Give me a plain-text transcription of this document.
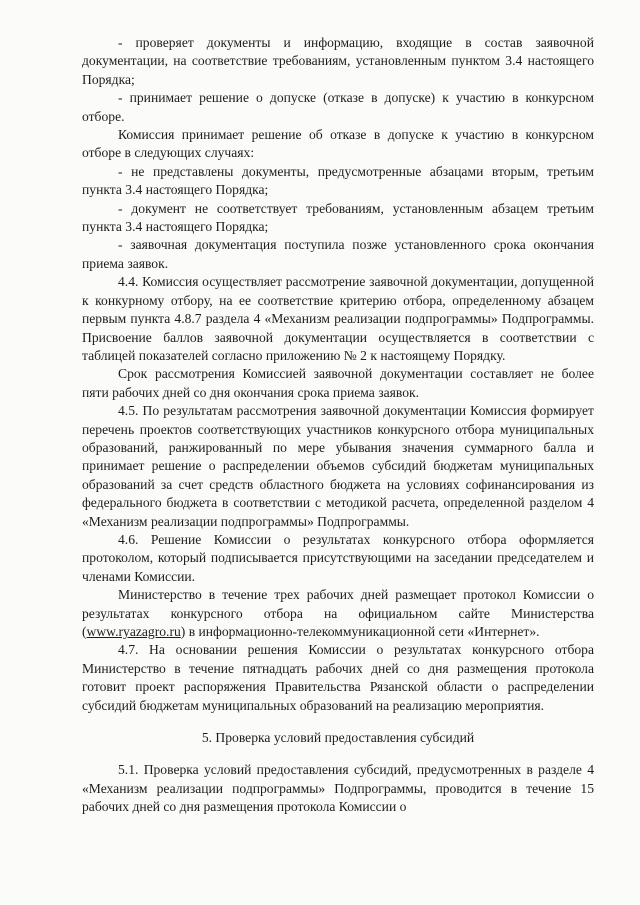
- проверяет документы и информацию, входящие в состав заявочной документации, на соответствие требованиям, установленным пунктом 3.4 настоящего Порядка;

- принимает решение о допуске (отказе в допуске) к участию в конкурсном отборе.

Комиссия принимает решение об отказе в допуске к участию в конкурсном отборе в следующих случаях:

- не представлены документы, предусмотренные абзацами вторым, третьим пункта 3.4 настоящего Порядка;

- документ не соответствует требованиям, установленным абзацем третьим пункта 3.4 настоящего Порядка;

- заявочная документация поступила позже установленного срока окончания приема заявок.

4.4. Комиссия осуществляет рассмотрение заявочной документации, допущенной к конкурному отбору, на ее соответствие критерию отбора, определенному абзацем первым пункта 4.8.7 раздела 4 «Механизм реализации подпрограммы» Подпрограммы. Присвоение баллов заявочной документации осуществляется в соответствии с таблицей показателей согласно приложению № 2 к настоящему Порядку.

Срок рассмотрения Комиссией заявочной документации составляет не более пяти рабочих дней со дня окончания срока приема заявок.

4.5. По результатам рассмотрения заявочной документации Комиссия формирует перечень проектов соответствующих участников конкурсного отбора муниципальных образований, ранжированный по мере убывания значения суммарного балла и принимает решение о распределении объемов субсидий бюджетам муниципальных образований за счет средств областного бюджета на условиях софинансирования из федерального бюджета в соответствии с методикой расчета, определенной разделом 4 «Механизм реализации подпрограммы» Подпрограммы.

4.6. Решение Комиссии о результатах конкурсного отбора оформляется протоколом, который подписывается присутствующими на заседании председателем и членами Комиссии.

Министерство в течение трех рабочих дней размещает протокол Комиссии о результатах конкурсного отбора на официальном сайте Министерства (www.ryazagro.ru) в информационно-телекоммуникационной сети «Интернет».

4.7. На основании решения Комиссии о результатах конкурсного отбора Министерство в течение пятнадцать рабочих дней со дня размещения протокола готовит проект распоряжения Правительства Рязанской области о распределении субсидий бюджетам муниципальных образований на реализацию мероприятия.

5. Проверка условий предоставления субсидий

5.1. Проверка условий предоставления субсидий, предусмотренных в разделе 4 «Механизм реализации подпрограммы» Подпрограммы, проводится в течение 15 рабочих дней со дня размещения протокола Комиссии о
